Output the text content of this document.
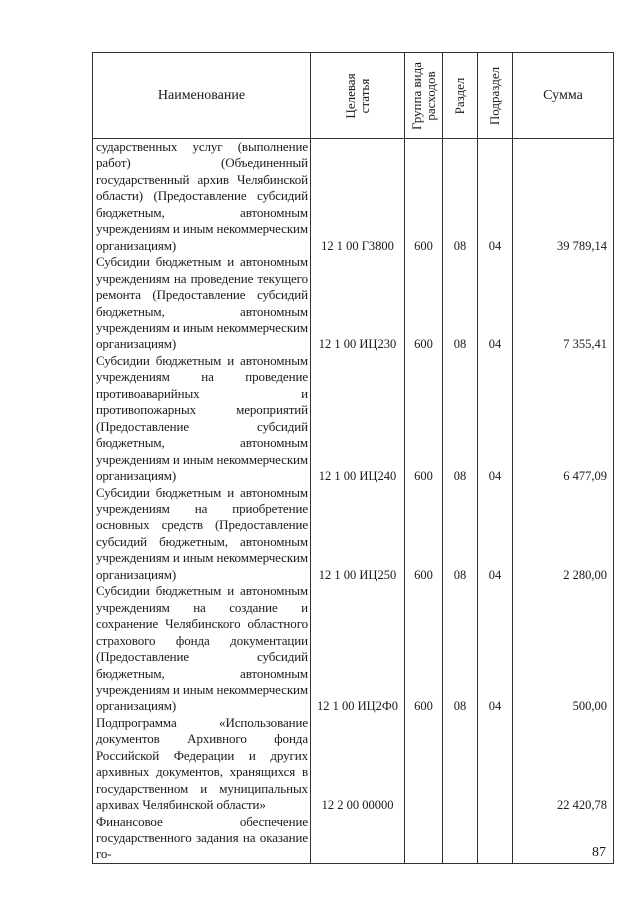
Наименование	Целевая статья	Группа вида расходов	Раздел	Подраздел	Сумма
сударственных услуг (выполнение работ) (Объединенный государственный архив Челябинской области) (Предоставление субсидий бюджетным, автономным учреждениям и иным некоммерческим организациям)	12 1 00 Г3800	600	08	04	39 789,14
Субсидии бюджетным и автономным учреждениям на проведение текущего ремонта (Предоставление субсидий бюджетным, автономным учреждениям и иным некоммерческим организациям)	12 1 00 ИЦ230	600	08	04	7 355,41
Субсидии бюджетным и автономным учреждениям на проведение противоаварийных и противопожарных мероприятий (Предоставление субсидий бюджетным, автономным учреждениям и иным некоммерческим организациям)	12 1 00 ИЦ240	600	08	04	6 477,09
Субсидии бюджетным и автономным учреждениям на приобретение основных средств (Предоставление субсидий бюджетным, автономным учреждениям и иным некоммерческим организациям)	12 1 00 ИЦ250	600	08	04	2 280,00
Субсидии бюджетным и автономным учреждениям на создание и сохранение Челябинского областного страхового фонда документации (Предоставление субсидий бюджетным, автономным учреждениям и иным некоммерческим организациям)	12 1 00 ИЦ2Ф0	600	08	04	500,00
Подпрограмма «Использование документов Архивного фонда Российской Федерации и других архивных документов, хранящихся в государственном и муниципальных архивах Челябинской области»	12 2 00 00000				22 420,78
Финансовое обеспечение государственного задания на оказание го-						87
